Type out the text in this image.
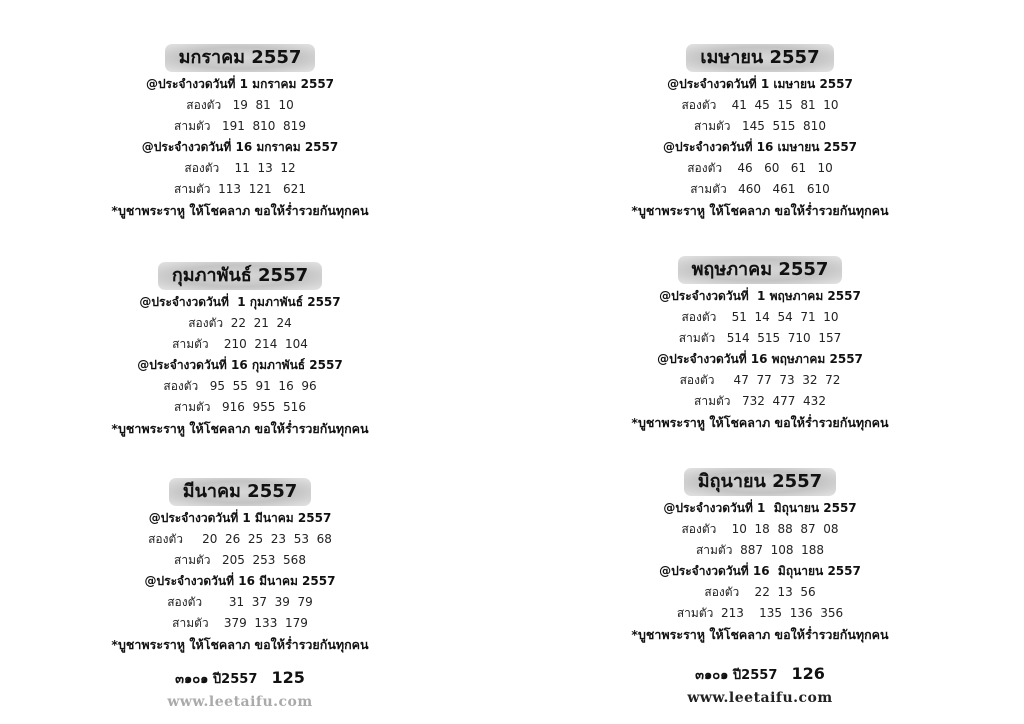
มกราคม 2557
@ประจำงวดวันที่ 1 มกราคม 2557
สองตัว   19  81  10
สามตัว   191  810  819
@ประจำงวดวันที่ 16 มกราคม 2557
สองตัว    11  13  12
สามตัว  113  121   621
*บูชาพระราหู ให้โชคลาภ ขอให้ร่ำรวยกันทุกคน
กุมภาพันธ์ 2557
@ประจำงวดวันที่  1 กุมภาพันธ์ 2557
สองตัว  22  21  24
สามตัว    210  214  104
@ประจำงวดวันที่ 16 กุมภาพันธ์ 2557
สองตัว   95  55  91  16  96
สามตัว   916  955  516
*บูชาพระราหู ให้โชคลาภ ขอให้ร่ำรวยกันทุกคน
มีนาคม 2557
@ประจำงวดวันที่ 1 มีนาคม 2557
สองตัว     20  26  25  23  53  68
สามตัว   205  253  568
@ประจำงวดวันที่ 16 มีนาคม 2557
สองตัว       31  37  39  79
สามตัว    379  133  179
*บูชาพระราหู ให้โชคลาภ ขอให้ร่ำรวยกันทุกคน
๓๑๐๑ ปี2557 125
www.leetaifu.com
เมษายน 2557
@ประจำงวดวันที่ 1 เมษายน 2557
สองตัว    41  45  15  81  10
สามตัว   145  515  810
@ประจำงวดวันที่ 16 เมษายน 2557
สองตัว    46   60   61   10
สามตัว   460   461   610
*บูชาพระราหู ให้โชคลาภ ขอให้ร่ำรวยกันทุกคน
พฤษภาคม 2557
@ประจำงวดวันที่  1 พฤษภาคม 2557
สองตัว    51  14  54  71  10
สามตัว   514  515  710  157
@ประจำงวดวันที่ 16 พฤษภาคม 2557
สองตัว     47  77  73  32  72
สามตัว   732  477  432
*บูชาพระราหู ให้โชคลาภ ขอให้ร่ำรวยกันทุกคน
มิถุนายน 2557
@ประจำงวดวันที่ 1  มิถุนายน 2557
สองตัว    10  18  88  87  08
สามตัว  887  108  188
@ประจำงวดวันที่ 16  มิถุนายน 2557
สองตัว    22  13  56
สามตัว  213    135  136  356
*บูชาพระราหู ให้โชคลาภ ขอให้ร่ำรวยกันทุกคน
๓๑๐๑ ปี2557 126
www.leetaifu.com
